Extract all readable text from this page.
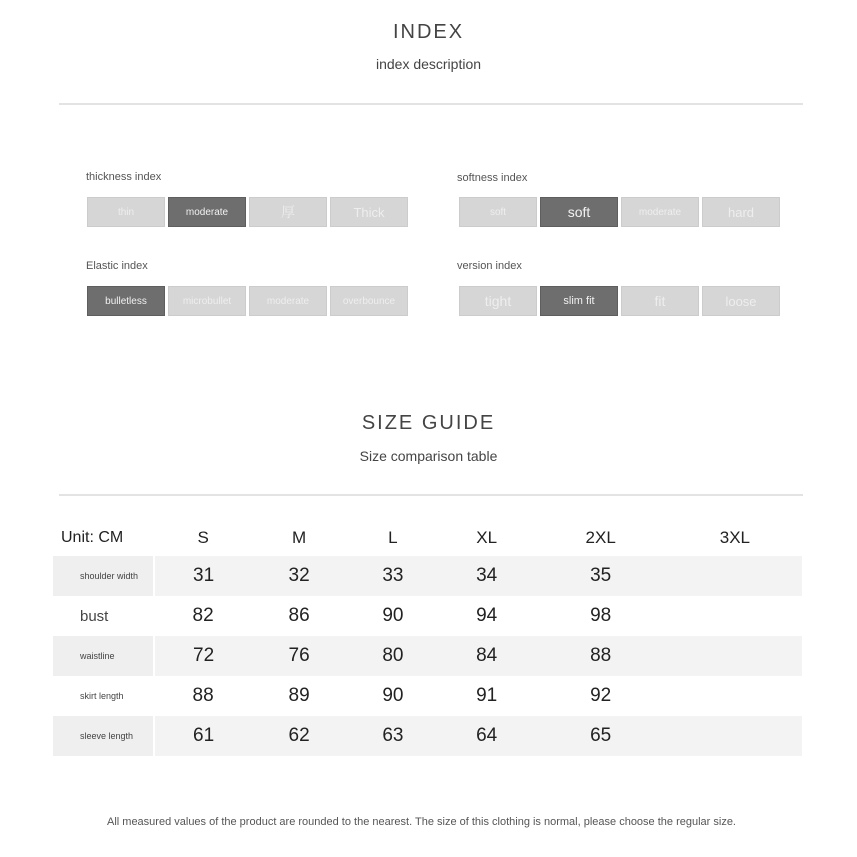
INDEX
index description
thickness index
thin	moderate	厚	Thick
softness index
soft	soft	moderate	hard
Elastic index
bulletless	microbullet	moderate	overbounce
version index
tight	slim fit	fit	loose
SIZE GUIDE
Size comparison table
Unit: CM	S	M	L	XL	2XL	3XL
shoulder width	31	32	33	34	35	
bust	82	86	90	94	98	
waistline	72	76	80	84	88	
skirt length	88	89	90	91	92	
sleeve length	61	62	63	64	65	
All measured values of the product are rounded to the nearest. The size of this clothing is normal, please choose the regular size.
